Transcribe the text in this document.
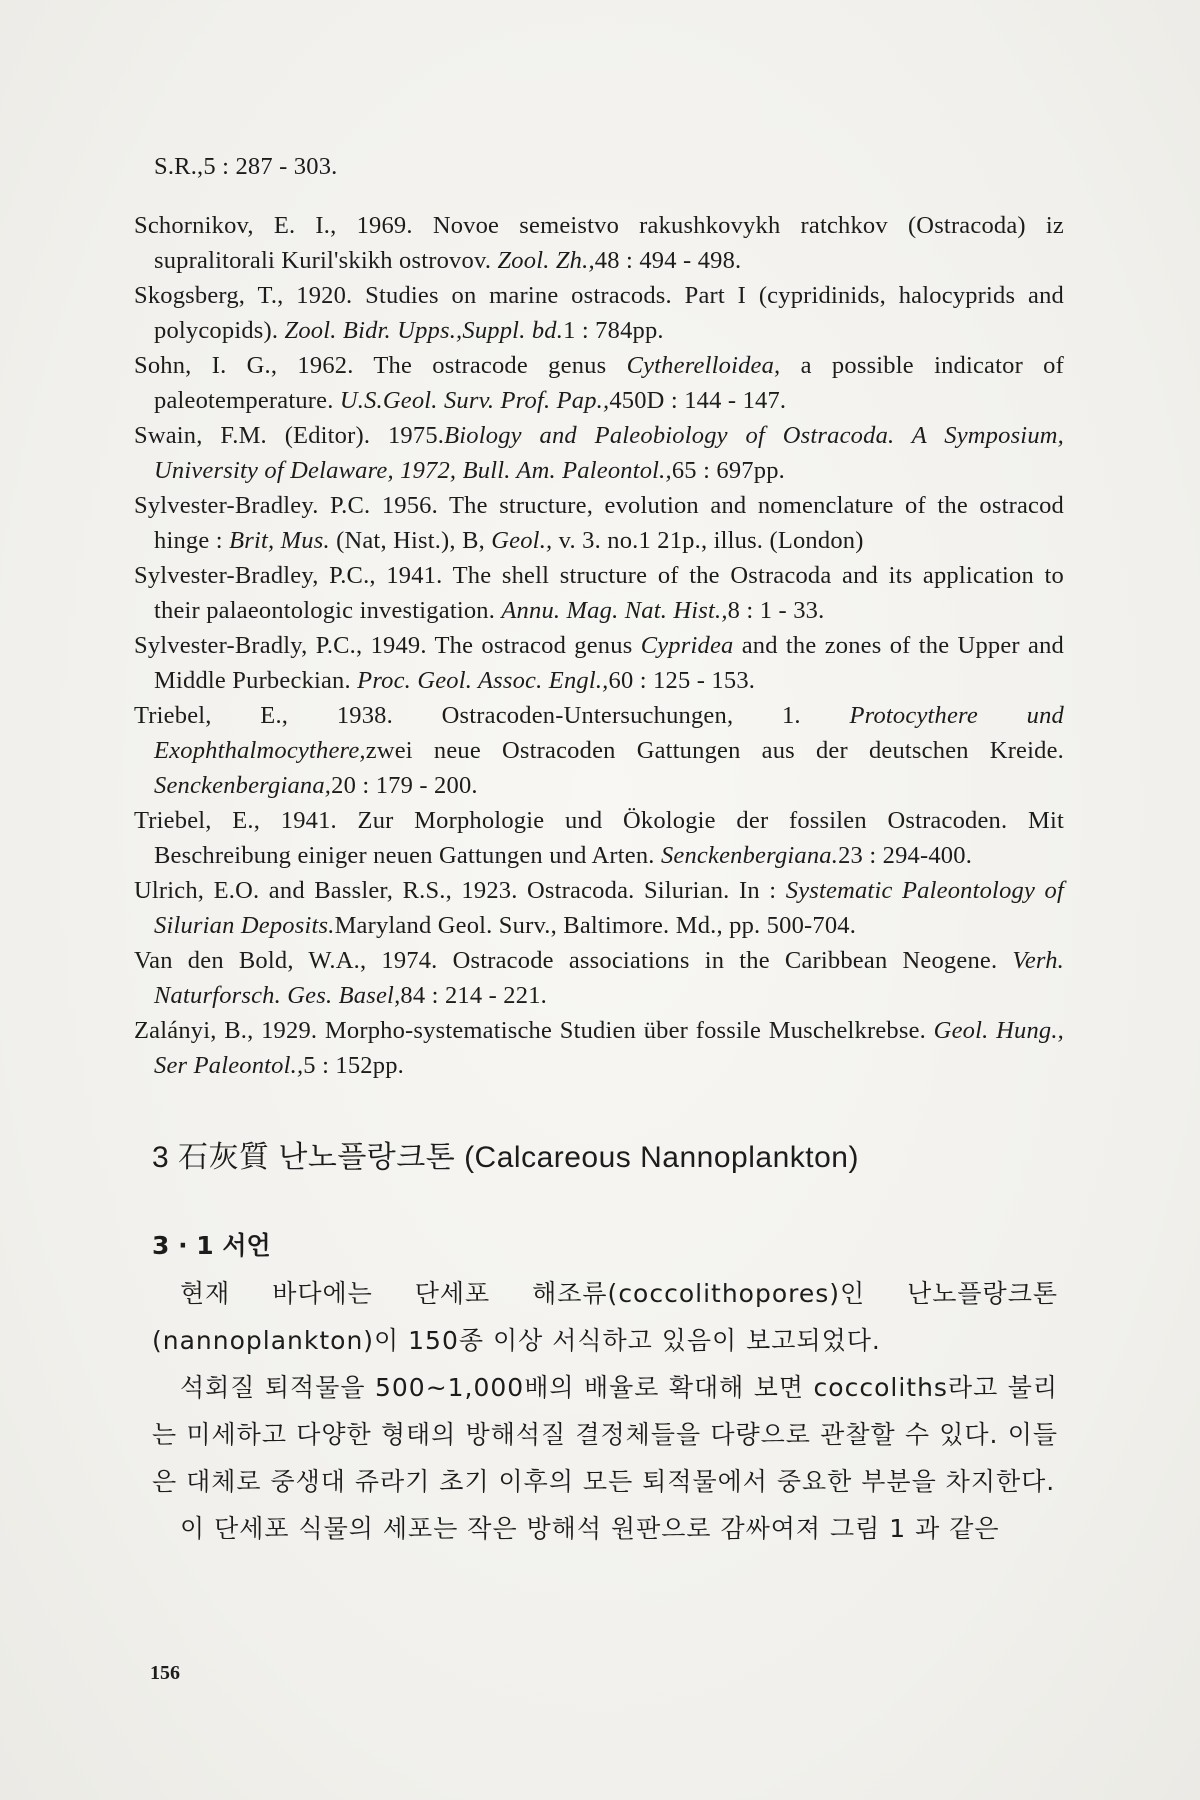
S.R.,5 : 287 - 303.

Schornikov, E. I., 1969. Novoe semeistvo rakushkovykh ratchkov (Ostracoda) iz supralitorali Kuril'skikh ostrovov. Zool. Zh.,48 : 494 - 498.

Skogsberg, T., 1920. Studies on marine ostracods. Part I (cypridinids, halocyprids and polycopids). Zool. Bidr. Upps.,Suppl. bd.1 : 784pp.

Sohn, I. G., 1962. The ostracode genus Cytherelloidea, a possible indicator of paleotemperature. U.S.Geol. Surv. Prof. Pap.,450D : 144 - 147.

Swain, F.M. (Editor). 1975.Biology and Paleobiology of Ostracoda. A Symposium, University of Delaware, 1972, Bull. Am. Paleontol.,65 : 697pp.

Sylvester-Bradley. P.C. 1956. The structure, evolution and nomenclature of the ostracod hinge : Brit, Mus. (Nat, Hist.), B, Geol., v. 3. no.1 21p., illus. (London)

Sylvester-Bradley, P.C., 1941. The shell structure of the Ostracoda and its application to their palaeontologic investigation. Annu. Mag. Nat. Hist.,8 : 1 - 33.

Sylvester-Bradly, P.C., 1949. The ostracod genus Cypridea and the zones of the Upper and Middle Purbeckian. Proc. Geol. Assoc. Engl.,60 : 125 - 153.

Triebel, E., 1938. Ostracoden-Untersuchungen, 1. Protocythere und Exophthalmocythere,zwei neue Ostracoden Gattungen aus der deutschen Kreide. Senckenbergiana,20 : 179 - 200.

Triebel, E., 1941. Zur Morphologie und Ökologie der fossilen Ostracoden. Mit Beschreibung einiger neuen Gattungen und Arten. Senckenbergiana.23 : 294-400.

Ulrich, E.O. and Bassler, R.S., 1923. Ostracoda. Silurian. In : Systematic Paleontology of Silurian Deposits.Maryland Geol. Surv., Baltimore. Md., pp. 500-704.

Van den Bold, W.A., 1974. Ostracode associations in the Caribbean Neogene. Verh. Naturforsch. Ges. Basel,84 : 214 - 221.

Zalányi, B., 1929. Morpho-systematische Studien über fossile Muschelkrebse. Geol. Hung., Ser Paleontol.,5 : 152pp.

3 石灰質 난노플랑크톤 (Calcareous Nannoplankton)
3 · 1 서언

현재 바다에는 단세포 해조류(coccolithopores)인 난노플랑크톤(nannoplankton)이 150종 이상 서식하고 있음이 보고되었다.

석회질 퇴적물을 500~1,000배의 배율로 확대해 보면 coccoliths라고 불리는 미세하고 다양한 형태의 방해석질 결정체들을 다량으로 관찰할 수 있다. 이들은 대체로 중생대 쥬라기 초기 이후의 모든 퇴적물에서 중요한 부분을 차지한다.

이 단세포 식물의 세포는 작은 방해석 원판으로 감싸여져 그림 1 과 같은

156
